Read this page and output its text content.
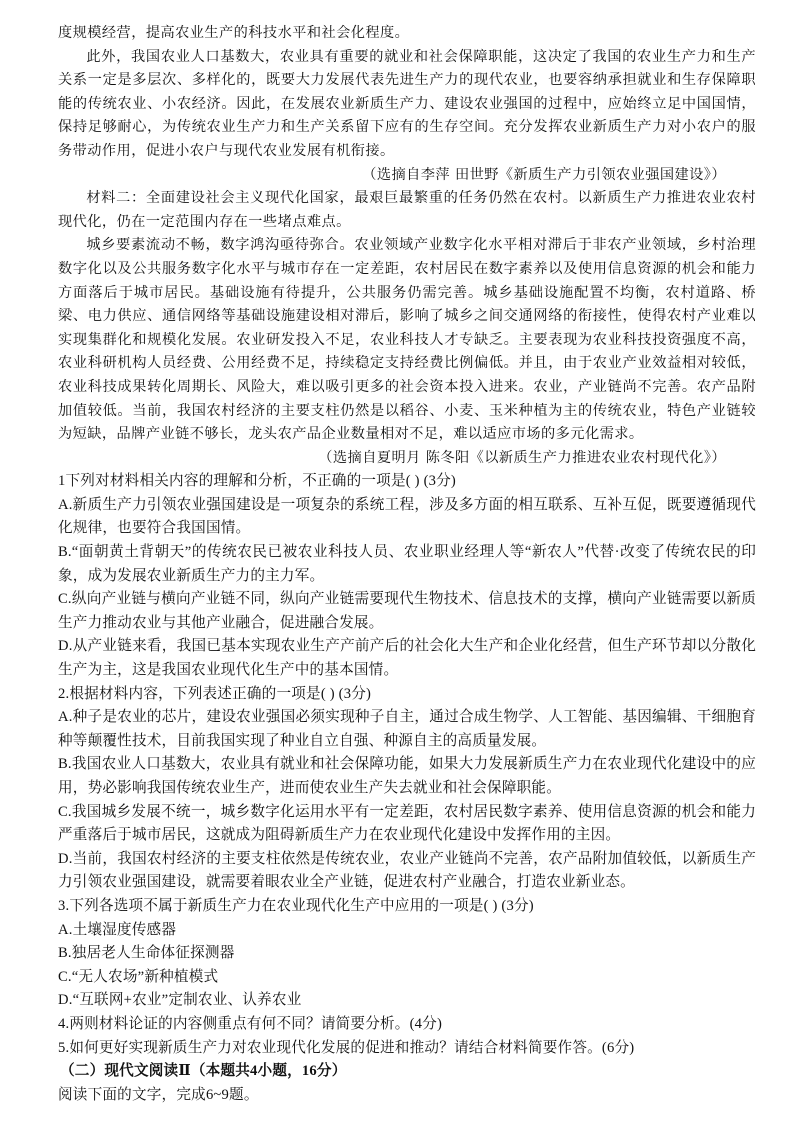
度规模经营，提高农业生产的科技水平和社会化程度。

此外，我国农业人口基数大，农业具有重要的就业和社会保障职能，这决定了我国的农业生产力和生产关系一定是多层次、多样化的，既要大力发展代表先进生产力的现代农业，也要容纳承担就业和生存保障职能的传统农业、小农经济。因此，在发展农业新质生产力、建设农业强国的过程中，应始终立足中国国情，保持足够耐心，为传统农业生产力和生产关系留下应有的生存空间。充分发挥农业新质生产力对小农户的服务带动作用，促进小农户与现代农业发展有机衔接。

（选摘自李萍 田世野《新质生产力引领农业强国建设》）

材料二：全面建设社会主义现代化国家，最艰巨最繁重的任务仍然在农村。以新质生产力推进农业农村现代化，仍在一定范围内存在一些堵点难点。

城乡要素流动不畅，数字鸿沟亟待弥合。农业领域产业数字化水平相对滞后于非农产业领域，乡村治理数字化以及公共服务数字化水平与城市存在一定差距，农村居民在数字素养以及使用信息资源的机会和能力方面落后于城市居民。基础设施有待提升，公共服务仍需完善。城乡基础设施配置不均衡，农村道路、桥梁、电力供应、通信网络等基础设施建设相对滞后，影响了城乡之间交通网络的衔接性，使得农村产业难以实现集群化和规模化发展。农业研发投入不足，农业科技人才专缺乏。主要表现为农业科技投资强度不高，农业科研机构人员经费、公用经费不足，持续稳定支持经费比例偏低。并且，由于农业产业效益相对较低，农业科技成果转化周期长、风险大，难以吸引更多的社会资本投入进来。农业，产业链尚不完善。农产品附加值较低。当前，我国农村经济的主要支柱仍然是以稻谷、小麦、玉米种植为主的传统农业，特色产业链较为短缺，品牌产业链不够长，龙头农产品企业数量相对不足，难以适应市场的多元化需求。

（选摘自夏明月 陈冬阳《以新质生产力推进农业农村现代化》）

1下列对材料相关内容的理解和分析，不正确的一项是( ) (3分)

A.新质生产力引领农业强国建设是一项复杂的系统工程，涉及多方面的相互联系、互补互促，既要遵循现代化规律，也要符合我国国情。

B.“面朝黄土背朝天”的传统农民已被农业科技人员、农业职业经理人等“新农人”代替·改变了传统农民的印象，成为发展农业新质生产力的主力军。

C.纵向产业链与横向产业链不同，纵向产业链需要现代生物技术、信息技术的支撑，横向产业链需要以新质生产力推动农业与其他产业融合，促进融合发展。

D.从产业链来看，我国已基本实现农业生产产前产后的社会化大生产和企业化经营，但生产环节却以分散化生产为主，这是我国农业现代化生产中的基本国情。

2.根据材料内容，下列表述正确的一项是( ) (3分)

A.种子是农业的芯片，建设农业强国必须实现种子自主，通过合成生物学、人工智能、基因编辑、干细胞育种等颠覆性技术，目前我国实现了种业自立自强、种源自主的高质量发展。

B.我国农业人口基数大，农业具有就业和社会保障功能，如果大力发展新质生产力在农业现代化建设中的应用，势必影响我国传统农业生产，进而使农业生产失去就业和社会保障职能。

C.我国城乡发展不统一，城乡数字化运用水平有一定差距，农村居民数字素养、使用信息资源的机会和能力严重落后于城市居民，这就成为阻碍新质生产力在农业现代化建设中发挥作用的主因。

D.当前，我国农村经济的主要支柱依然是传统农业，农业产业链尚不完善，农产品附加值较低，以新质生产力引领农业强国建设，就需要着眼农业全产业链，促进农村产业融合，打造农业新业态。

3.下列各选项不属于新质生产力在农业现代化生产中应用的一项是( ) (3分)

A.土壤湿度传感器

B.独居老人生命体征探测器

C.“无人农场”新种植模式

D.“互联网+农业”定制农业、认养农业

4.两则材料论证的内容侧重点有何不同？请简要分析。(4分)

5.如何更好实现新质生产力对农业现代化发展的促进和推动？请结合材料简要作答。(6分)

（二）现代文阅读Ⅱ（本题共4小题，16分）

阅读下面的文字，完成6~9题。
